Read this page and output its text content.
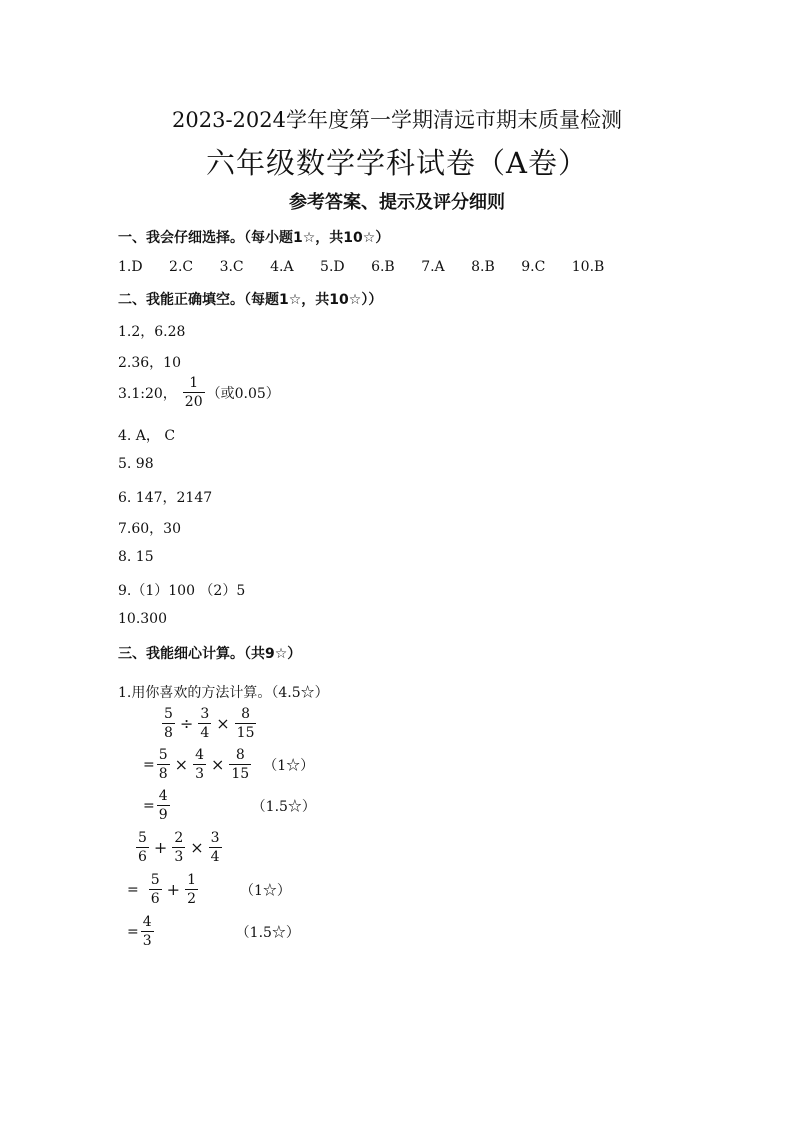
2023-2024学年度第一学期清远市期末质量检测
六年级数学学科试卷（A卷）
参考答案、提示及评分细则
一、我会仔细选择。（每小题1☆，共10☆）
1.D 2.C 3.C 4.A 5.D 6.B 7.A 8.B 9.C 10.B
二、我能正确填空。（每题1☆，共10☆））
1.2，6.28
2.36，10
3.1:20， $\frac{1}{20}$ （或0.05）
4. A， C
5. 98
6. 147，2147
7.60，30
8. 15
9.（1）100 （2）5
10.300
三、我能细心计算。（共9☆）
1.用你喜欢的方法计算。（4.5☆）
$\frac{5}{8} \div \frac{3}{4} \times \frac{8}{15}$
= $\frac{5}{8} \times \frac{4}{3} \times \frac{8}{15}$ （1☆）
= $\frac{4}{9}$	（1.5☆）
$\frac{5}{6} + \frac{2}{3} \times \frac{3}{4}$
= $\frac{5}{6} + \frac{1}{2}$	（1☆）
= $\frac{4}{3}$	（1.5☆）
